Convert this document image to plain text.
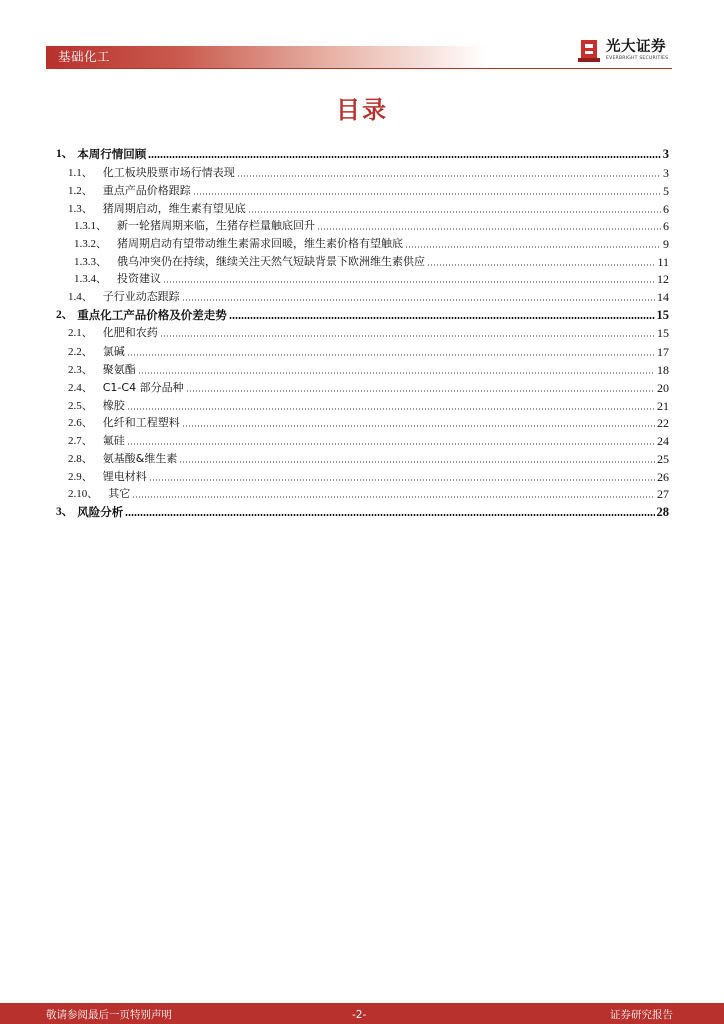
基础化工
光大证券
EVERBRIGHT SECURITIES
目录
1、 本周行情回顾	3
1.1、 化工板块股票市场行情表现	3
1.2、 重点产品价格跟踪	5
1.3、 猪周期启动，维生素有望见底	6
1.3.1、 新一轮猪周期来临，生猪存栏量触底回升	6
1.3.2、 猪周期启动有望带动维生素需求回暖，维生素价格有望触底	9
1.3.3、 俄乌冲突仍在持续，继续关注天然气短缺背景下欧洲维生素供应	11
1.3.4、 投资建议	12
1.4、 子行业动态跟踪	14
2、 重点化工产品价格及价差走势	15
2.1、 化肥和农药	15
2.2、 氯碱	17
2.3、 聚氨酯	18
2.4、 C1-C4 部分品种	20
2.5、 橡胶	21
2.6、 化纤和工程塑料	22
2.7、 氟硅	24
2.8、 氨基酸&维生素	25
2.9、 锂电材料	26
2.10、 其它	27
3、 风险分析	28
敬请参阅最后一页特别声明	-2-	证券研究报告
